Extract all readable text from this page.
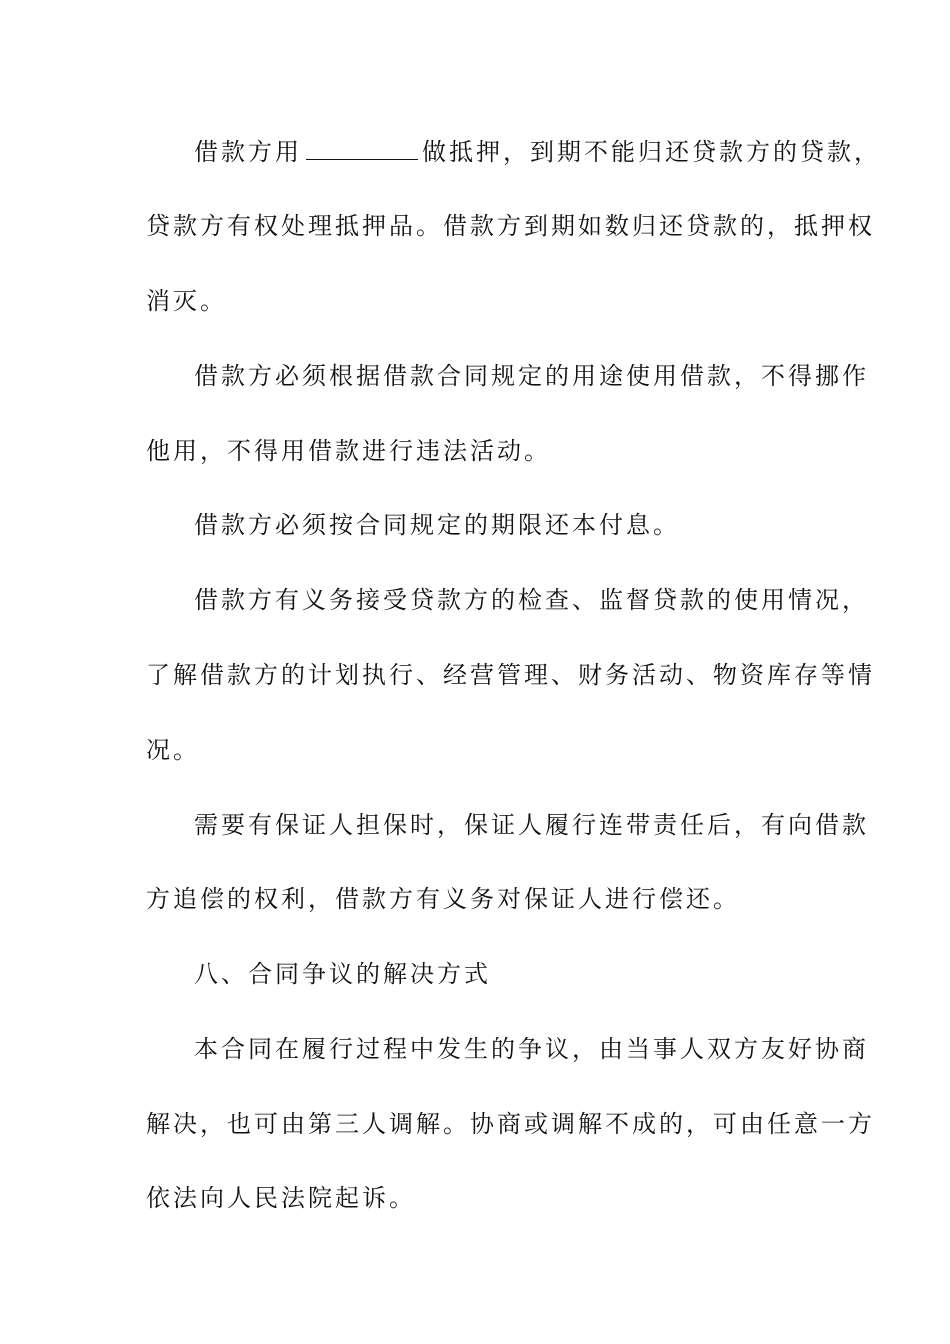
借款方用	做抵押，到期不能归还贷款方的贷款，
贷款方有权处理抵押品。借款方到期如数归还贷款的，抵押权
消灭。
借款方必须根据借款合同规定的用途使用借款，不得挪作
他用，不得用借款进行违法活动。
借款方必须按合同规定的期限还本付息。
借款方有义务接受贷款方的检查、监督贷款的使用情况，
了解借款方的计划执行、经营管理、财务活动、物资库存等情
况。
需要有保证人担保时，保证人履行连带责任后，有向借款
方追偿的权利，借款方有义务对保证人进行偿还。
八、合同争议的解决方式
本合同在履行过程中发生的争议，由当事人双方友好协商
解决，也可由第三人调解。协商或调解不成的，可由任意一方
依法向人民法院起诉。
